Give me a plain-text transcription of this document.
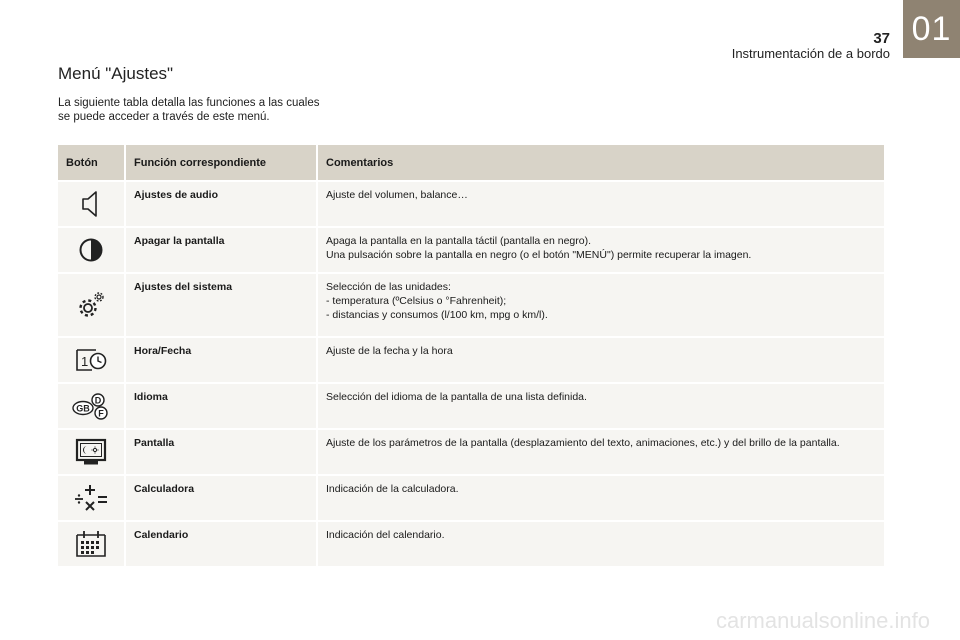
37
Instrumentación de a bordo
01
Menú "Ajustes"
La siguiente tabla detalla las funciones a las cuales se puede acceder a través de este menú.
Botón	Función correspondiente	Comentarios

	Ajustes de audio	Ajuste del volumen, balance…

	Apagar la pantalla	Apaga la pantalla en la pantalla táctil (pantalla en negro).
Una pulsación sobre la pantalla en negro (o el botón "MENÚ") permite recuperar la imagen.

	Ajustes del sistema	Selección de las unidades:
- temperatura (ºCelsius o °Fahrenheit);
- distancias y consumos (l/100 km, mpg o km/l).

1	Hora/Fecha	Ajuste de la fecha y la hora

GB
D
F	Idioma	Selección del idioma de la pantalla de una lista definida.

	Pantalla	Ajuste de los parámetros de la pantalla (desplazamiento del texto, animaciones, etc.) y del brillo de la pantalla.

	Calculadora	Indicación de la calculadora.

	Calendario	Indicación del calendario.
carmanualsonline.info
